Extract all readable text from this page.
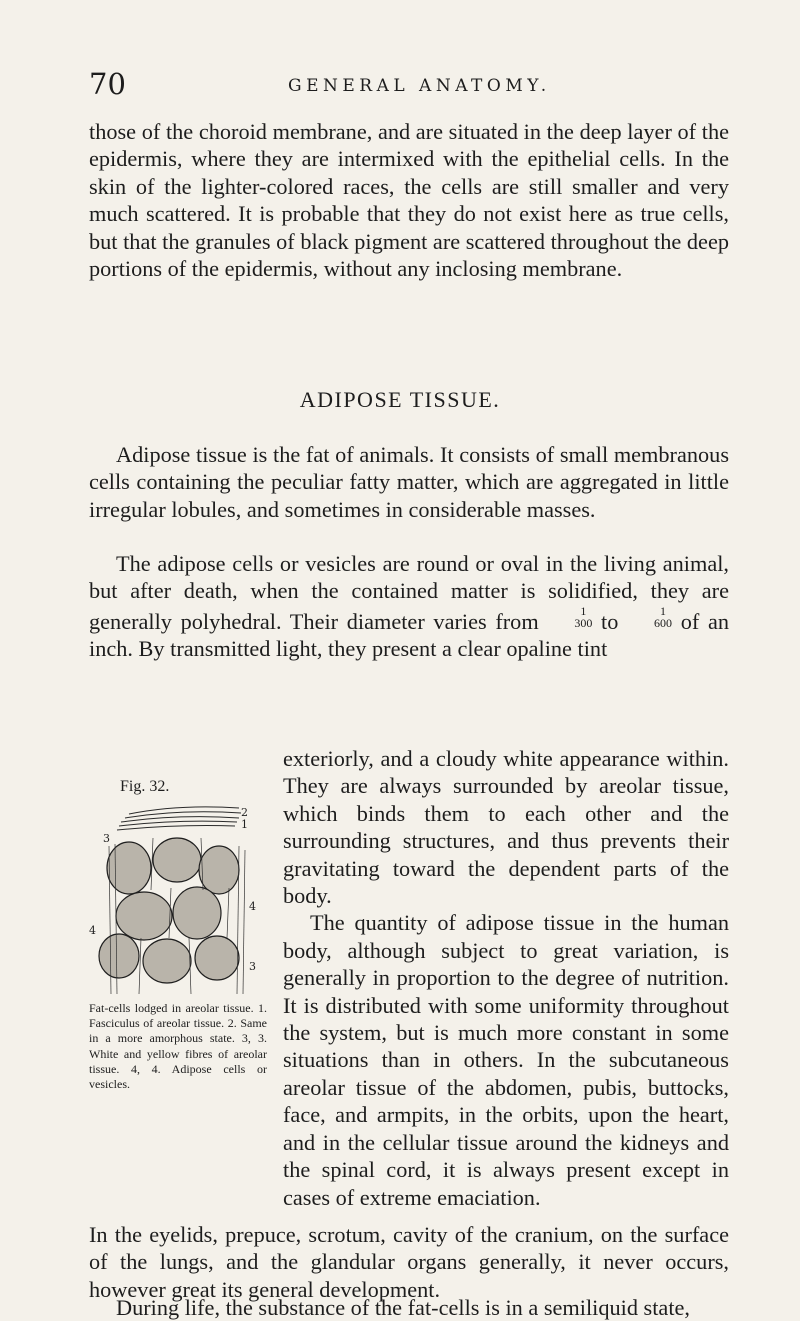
70	GENERAL ANATOMY.

those of the choroid membrane, and are situated in the deep layer of the epidermis, where they are intermixed with the epithelial cells. In the skin of the lighter-colored races, the cells are still smaller and very much scattered. It is probable that they do not exist here as true cells, but that the granules of black pigment are scattered throughout the deep portions of the epidermis, without any inclosing membrane.

ADIPOSE TISSUE.

Adipose tissue is the fat of animals. It consists of small membranous cells containing the peculiar fatty matter, which are aggregated in little irregular lobules, and sometimes in considerable masses.

The adipose cells or vesicles are round or oval in the living animal, but after death, when the contained matter is solidified, they are generally polyhedral. Their diameter varies from	1
300 to	1
600 of an inch. By transmitted light, they present a clear opaline tint

Fig. 32.
2
1
3
4
4
3

Fat-cells lodged in areolar tissue. 1. Fasciculus of areolar tissue. 2. Same in a more amorphous state. 3, 3. White and yellow fibres of areolar tissue. 4, 4. Adipose cells or vesicles.

exteriorly, and a cloudy white appearance within. They are always surrounded by areolar tissue, which binds them to each other and the surrounding structures, and thus prevents their gravitating toward the dependent parts of the body.

The quantity of adipose tissue in the human body, although subject to great variation, is generally in proportion to the degree of nutrition. It is distributed with some uniformity throughout the system, but is much more constant in some situations than in others. In the subcutaneous areolar tissue of the abdomen, pubis, buttocks, face, and armpits, in the orbits, upon the heart, and in the cellular tissue around the kidneys and the spinal cord, it is always present except in cases of extreme emaciation.

In the eyelids, prepuce, scrotum, cavity of the cranium, on the surface of the lungs, and the glandular organs generally, it never occurs, however great its general development.

During life, the substance of the fat-cells is in a semiliquid state,
